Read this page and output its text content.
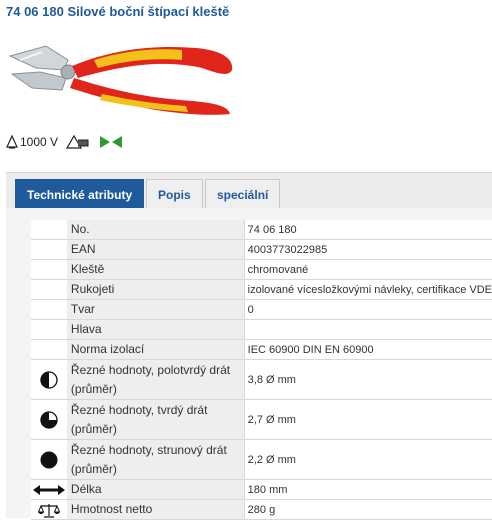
74 06 180 Silové boční štípací kleště
KNIPEX
1000 V
Technické atributy	Popis	speciální
	No.	74 06 180
	EAN	4003773022985
	Kleště	chromované
	Rukojeti	izolované vícesložkovými návleky, certifikace VDE
	Tvar	0
	Hlava	
	Norma izolací	IEC 60900 DIN EN 60900

	Řezné hodnoty, polotvrdý drát (průměr)	3,8 Ø mm

	Řezné hodnoty, tvrdý drát (průměr)	2,7 Ø mm

	Řezné hodnoty, strunový drát (průměr)	2,2 Ø mm

	Délka	180 mm

	Hmotnost netto	280 g
